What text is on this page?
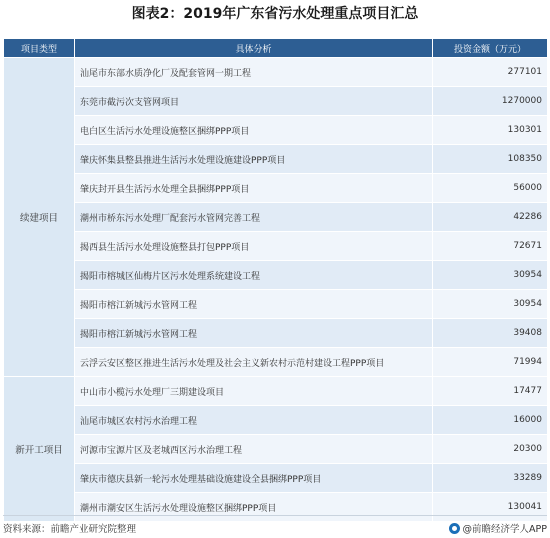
图表2：2019年广东省污水处理重点项目汇总
项目类型	具体分析	投资金额（万元）
续建项目	汕尾市东部水质净化厂及配套管网一期工程	277101
	东莞市截污次支管网项目	1270000
	电白区生活污水处理设施整区捆绑PPP项目	130301
	肇庆怀集县整县推进生活污水处理设施建设PPP项目	108350
	肇庆封开县生活污水处理全县捆绑PPP项目	56000
	潮州市桥东污水处理厂配套污水管网完善工程	42286
	揭西县生活污水处理设施整县打包PPP项目	72671
	揭阳市榕城区仙梅片区污水处理系统建设工程	30954
	揭阳市榕江新城污水管网工程	30954
	揭阳市榕江新城污水管网工程	39408
	云浮云安区整区推进生活污水处理及社会主义新农村示范村建设工程PPP项目	71994
新开工项目	中山市小榄污水处理厂三期建设项目	17477
	汕尾市城区农村污水治理工程	16000
	河源市宝源片区及老城西区污水治理工程	20300
	肇庆市德庆县新一轮污水处理基础设施建设全县捆绑PPP项目	33289
	潮州市潮安区生活污水处理设施整区捆绑PPP项目	130041
资料来源：前瞻产业研究院整理	@前瞻经济学人APP
